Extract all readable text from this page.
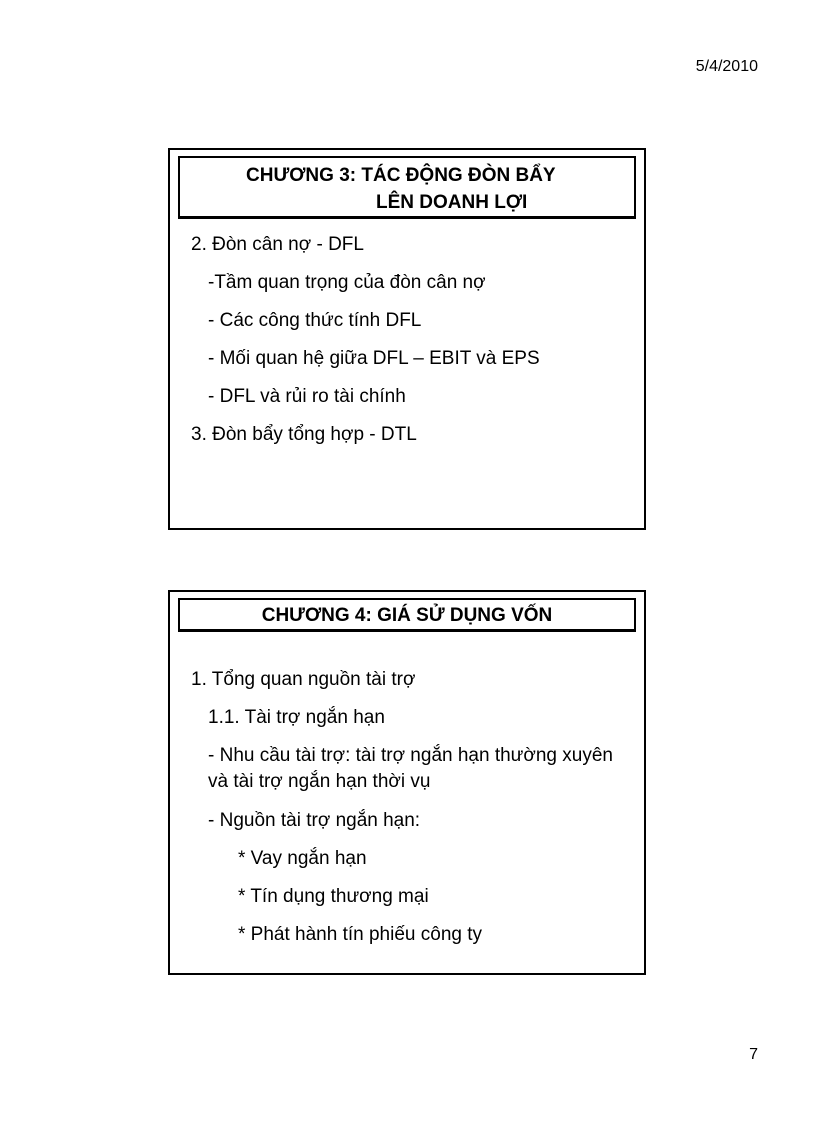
5/4/2010
CHƯƠNG 3: TÁC ĐỘNG ĐÒN BẨY
LÊN DOANH LỢI
2. Đòn cân nợ - DFL
-Tầm quan trọng của đòn cân nợ
- Các công thức tính DFL
- Mối quan hệ giữa DFL – EBIT và EPS
- DFL và rủi ro tài chính
3. Đòn bẩy tổng hợp - DTL
CHƯƠNG 4: GIÁ SỬ DỤNG VỐN
1. Tổng quan nguồn tài trợ
1.1. Tài trợ ngắn hạn
- Nhu cầu tài trợ: tài trợ ngắn hạn thường xuyên và tài trợ ngắn hạn thời vụ
- Nguồn tài trợ ngắn hạn:
* Vay ngắn hạn
* Tín dụng thương mại
* Phát hành tín phiếu công ty
7
